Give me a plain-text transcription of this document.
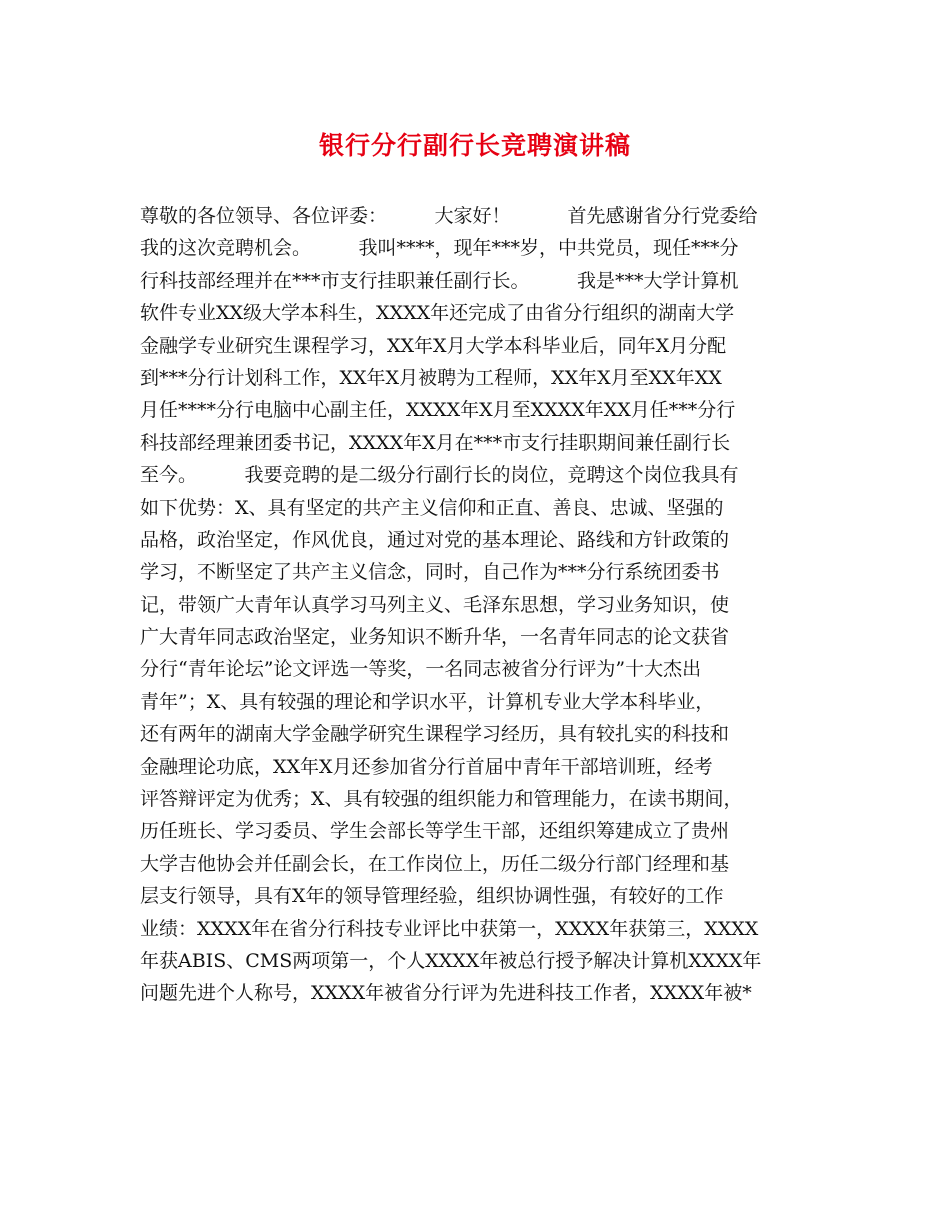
银行分行副行长竞聘演讲稿
尊敬的各位领导、各位评委：　　　大家好！　　　首先感谢省分行党委给
我的这次竞聘机会。　　　我叫****，现年***岁，中共党员，现任***分
行科技部经理并在***市支行挂职兼任副行长。　　　我是***大学计算机
软件专业XX级大学本科生，XXXX年还完成了由省分行组织的湖南大学
金融学专业研究生课程学习，XX年X月大学本科毕业后，同年X月分配
到***分行计划科工作，XX年X月被聘为工程师，XX年X月至XX年XX
月任****分行电脑中心副主任，XXXX年X月至XXXX年XX月任***分行
科技部经理兼团委书记，XXXX年X月在***市支行挂职期间兼任副行长
至今。　　　我要竞聘的是二级分行副行长的岗位，竞聘这个岗位我具有
如下优势：X、具有坚定的共产主义信仰和正直、善良、忠诚、坚强的
品格，政治坚定，作风优良，通过对党的基本理论、路线和方针政策的
学习，不断坚定了共产主义信念，同时，自己作为***分行系统团委书
记，带领广大青年认真学习马列主义、毛泽东思想，学习业务知识，使
广大青年同志政治坚定，业务知识不断升华，一名青年同志的论文获省
分行“青年论坛”论文评选一等奖，一名同志被省分行评为”十大杰出
青年”；X、具有较强的理论和学识水平，计算机专业大学本科毕业，
还有两年的湖南大学金融学研究生课程学习经历，具有较扎实的科技和
金融理论功底，XX年X月还参加省分行首届中青年干部培训班，经考
评答辩评定为优秀；X、具有较强的组织能力和管理能力，在读书期间，
历任班长、学习委员、学生会部长等学生干部，还组织筹建成立了贵州
大学吉他协会并任副会长，在工作岗位上，历任二级分行部门经理和基
层支行领导，具有X年的领导管理经验，组织协调性强，有较好的工作
业绩：XXXX年在省分行科技专业评比中获第一，XXXX年获第三，XXXX
年获ABIS、CMS两项第一，个人XXXX年被总行授予解决计算机XXXX年
问题先进个人称号，XXXX年被省分行评为先进科技工作者，XXXX年被*
